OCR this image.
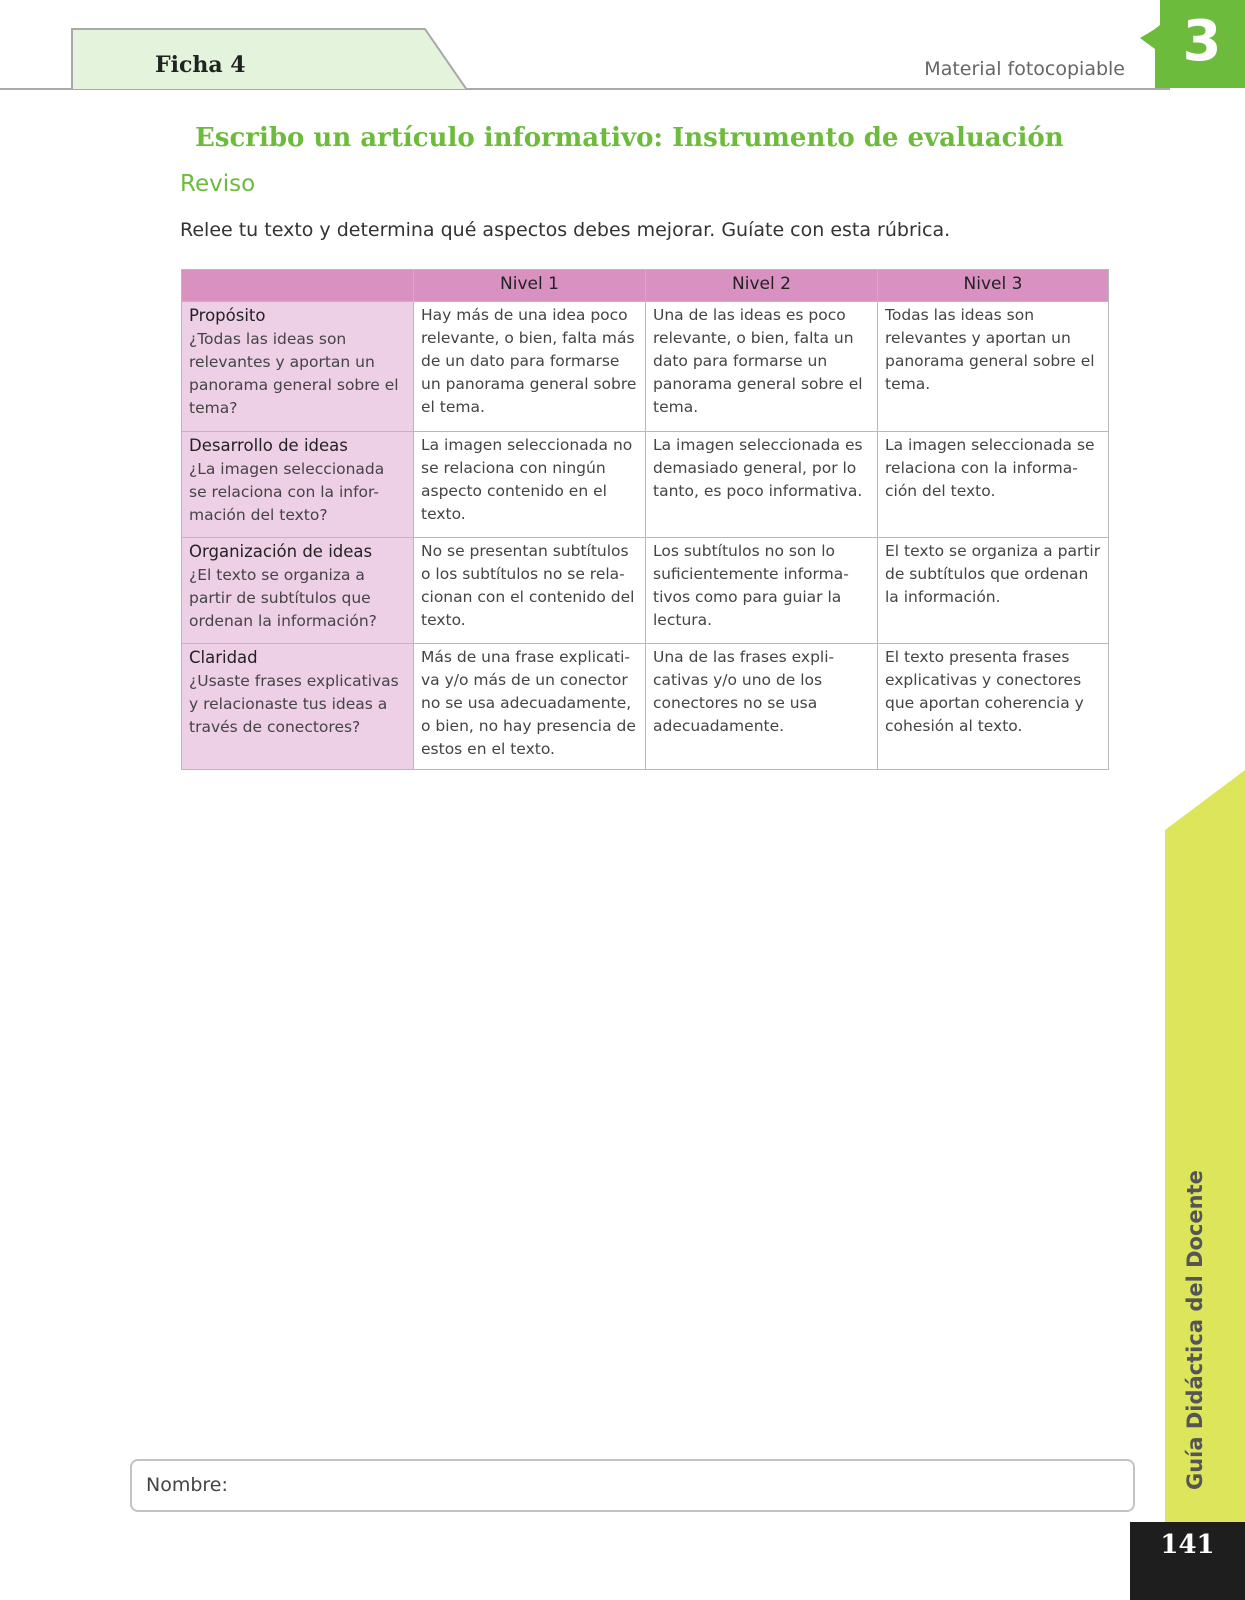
Ficha 4	Material fotocopiable 3
Escribo un artículo informativo: Instrumento de evaluación
Reviso
Relee tu texto y determina qué aspectos debes mejorar. Guíate con esta rúbrica.
	Nivel 1	Nivel 2	Nivel 3

Propósito
¿Todas las ideas son relevantes y aportan un panorama general sobre el tema?	Hay más de una idea poco relevante, o bien, falta más de un dato para formarse un panorama general sobre el tema.	Una de las ideas es poco relevante, o bien, falta un dato para formarse un panorama general sobre el tema.	Todas las ideas son relevantes y aportan un panorama general sobre el tema.

Desarrollo de ideas
¿La imagen seleccionada se relaciona con la infor-mación del texto?	La imagen seleccionada no se relaciona con ningún aspecto contenido en el texto.	La imagen seleccionada es demasiado general, por lo tanto, es poco informativa.	La imagen seleccionada se relaciona con la informa-ción del texto.

Organización de ideas
¿El texto se organiza a partir de subtítulos que ordenan la información?	No se presentan subtítulos o los subtítulos no se rela-cionan con el contenido del texto.	Los subtítulos no son lo suficientemente informa-tivos como para guiar la lectura.	El texto se organiza a partir de subtítulos que ordenan la información.

Claridad
¿Usaste frases explicativas y relacionaste tus ideas a través de conectores?	Más de una frase explicati-va y/o más de un conector no se usa adecuadamente, o bien, no hay presencia de estos en el texto.	Una de las frases expli-cativas y/o uno de los conectores no se usa adecuadamente.	El texto presenta frases explicativas y conectores que aportan coherencia y cohesión al texto.
Guía Didáctica del Docente
141
Nombre:
